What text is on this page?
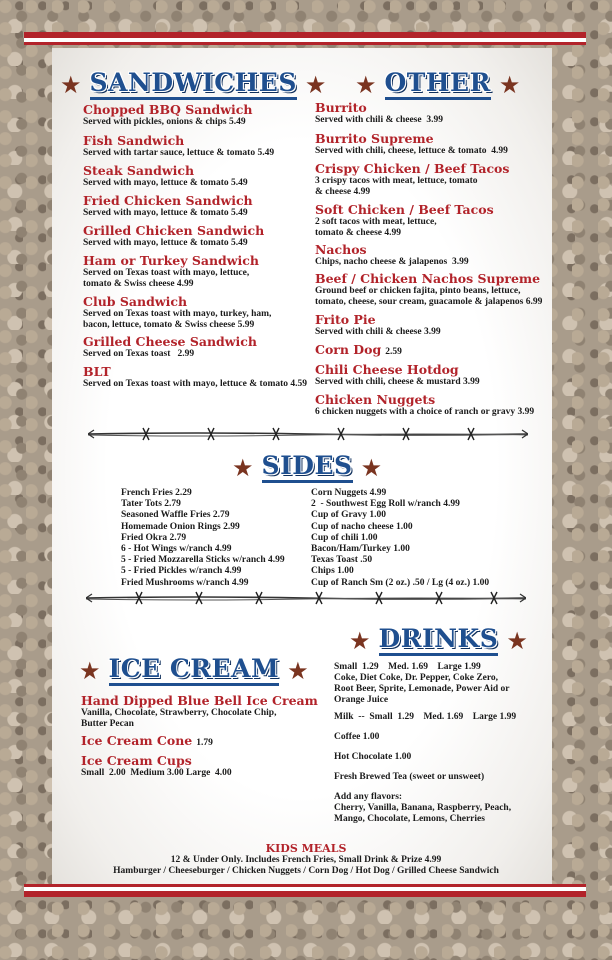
★ SANDWICHES ★ ★ OTHER ★
Chopped BBQ Sandwich
Served with pickles, onions & chips 5.49
Fish Sandwich
Served with tartar sauce, lettuce & tomato 5.49
Steak Sandwich
Served with mayo, lettuce & tomato 5.49
Fried Chicken Sandwich
Served with mayo, lettuce & tomato 5.49
Grilled Chicken Sandwich
Served with mayo, lettuce & tomato 5.49
Ham or Turkey Sandwich
Served on Texas toast with mayo, lettuce,
tomato & Swiss cheese 4.99
Club Sandwich
Served on Texas toast with mayo, turkey, ham,
bacon, lettuce, tomato & Swiss cheese 5.99
Grilled Cheese Sandwich
Served on Texas toast   2.99
BLT
Served on Texas toast with mayo, lettuce & tomato 4.59
Burrito
Served with chili & cheese  3.99
Burrito Supreme
Served with chili, cheese, lettuce & tomato  4.99
Crispy Chicken / Beef Tacos
3 crispy tacos with meat, lettuce, tomato
& cheese 4.99
Soft Chicken / Beef Tacos
2 soft tacos with meat, lettuce,
tomato & cheese 4.99
Nachos
Chips, nacho cheese & jalapenos  3.99
Beef / Chicken Nachos Supreme
Ground beef or chicken fajita, pinto beans, lettuce,
tomato, cheese, sour cream, guacamole & jalapenos 6.99
Frito Pie
Served with chili & cheese 3.99
Corn Dog 2.59
Chili Cheese Hotdog
Served with chili, cheese & mustard 3.99
Chicken Nuggets
6 chicken nuggets with a choice of ranch or gravy 3.99
★ SIDES ★
French Fries 2.29
Tater Tots 2.79
Seasoned Waffle Fries 2.79
Homemade Onion Rings 2.99
Fried Okra 2.79
6 - Hot Wings w/ranch 4.99
5 - Fried Mozzarella Sticks w/ranch 4.99
5 - Fried Pickles w/ranch 4.99
Fried Mushrooms w/ranch 4.99
Corn Nuggets 4.99
2  - Southwest Egg Roll w/ranch 4.99
Cup of Gravy 1.00
Cup of nacho cheese 1.00
Cup of chili 1.00
Bacon/Ham/Turkey 1.00
Texas Toast .50
Chips 1.00
Cup of Ranch Sm (2 oz.) .50 / Lg (4 oz.) 1.00
★ DRINKS ★
★ ICE CREAM ★
Hand Dipped Blue Bell Ice Cream
Vanilla, Chocolate, Strawberry, Chocolate Chip,
Butter Pecan
Ice Cream Cone 1.79
Ice Cream Cups
Small  2.00  Medium 3.00 Large  4.00
Small  1.29    Med. 1.69    Large 1.99
Coke, Diet Coke, Dr. Pepper, Coke Zero,
Root Beer, Sprite, Lemonade, Power Aid or
Orange Juice
Milk  --  Small  1.29    Med. 1.69    Large 1.99
Coffee 1.00
Hot Chocolate 1.00
Fresh Brewed Tea (sweet or unsweet)
Add any flavors:
Cherry, Vanilla, Banana, Raspberry, Peach,
Mango, Chocolate, Lemons, Cherries
KIDS MEALS
12 & Under Only. Includes French Fries, Small Drink & Prize 4.99
Hamburger / Cheeseburger / Chicken Nuggets / Corn Dog / Hot Dog / Grilled Cheese Sandwich
